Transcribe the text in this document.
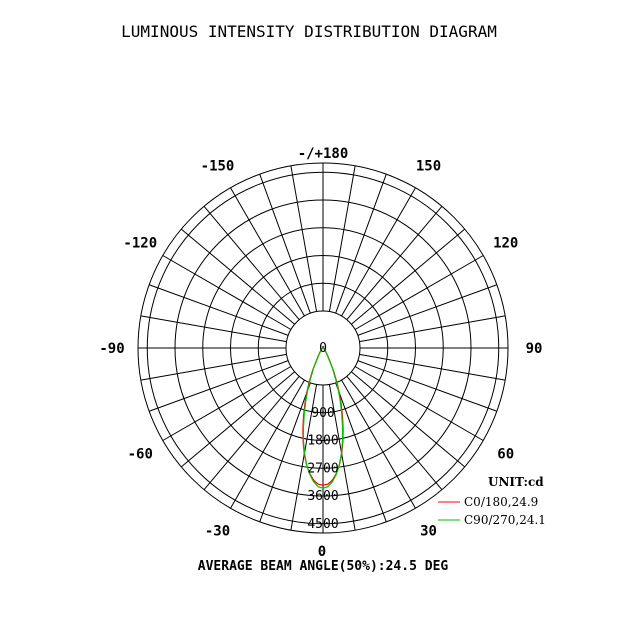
LUMINOUS INTENSITY DISTRIBUTION DIAGRAM
-/+180
150
-150
120
-120
90
-90
60
-60
30
-30
0
0
900
1800
2700
3600
4500
UNIT:cd
C0/180,24.9
C90/270,24.1
AVERAGE BEAM ANGLE(50%):24.5 DEG
